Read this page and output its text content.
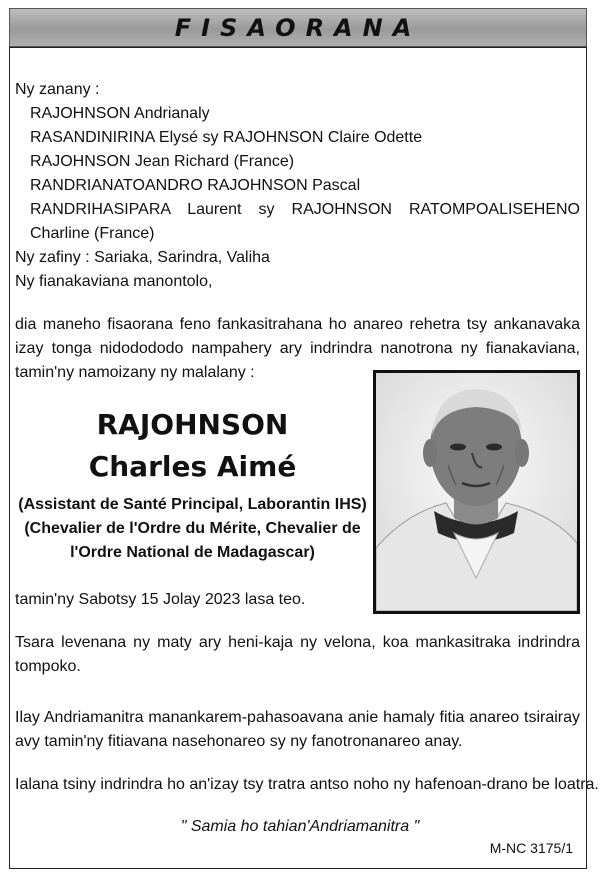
FISAORANA
Ny zanany :
RAJOHNSON Andrianaly
RASANDINIRINA Elysé sy RAJOHNSON Claire Odette
RAJOHNSON Jean Richard (France)
RANDRIANATOANDRO RAJOHNSON Pascal
RANDRIHASIPARA Laurent sy RAJOHNSON RATOMPOALISEHENO
Charline (France)
Ny zafiny : Sariaka, Sarindra, Valiha
Ny fianakaviana manontolo,
dia maneho fisaorana feno fankasitrahana ho anareo rehetra tsy ankanavaka izay tonga nidodododo nampahery ary indrindra nanotrona ny fianakaviana, tamin'ny namoizany ny malalany :
RAJOHNSON
Charles Aimé
(Assistant de Santé Principal, Laborantin IHS)
(Chevalier de l'Ordre du Mérite, Chevalier de
l'Ordre National de Madagascar)
tamin'ny Sabotsy 15 Jolay 2023 lasa teo.
Tsara levenana ny maty ary heni-kaja ny velona, koa mankasitraka indrindra tompoko.
Ilay Andriamanitra manankarem-pahasoavana anie hamaly fitia anareo tsirairay avy tamin'ny fitiavana nasehonareo sy ny fanotronanareo anay.
Ialana tsiny indrindra ho an'izay tsy tratra antso noho ny hafenoan-drano be loatra.
" Samia ho tahian'Andriamanitra "
M-NC 3175/1
